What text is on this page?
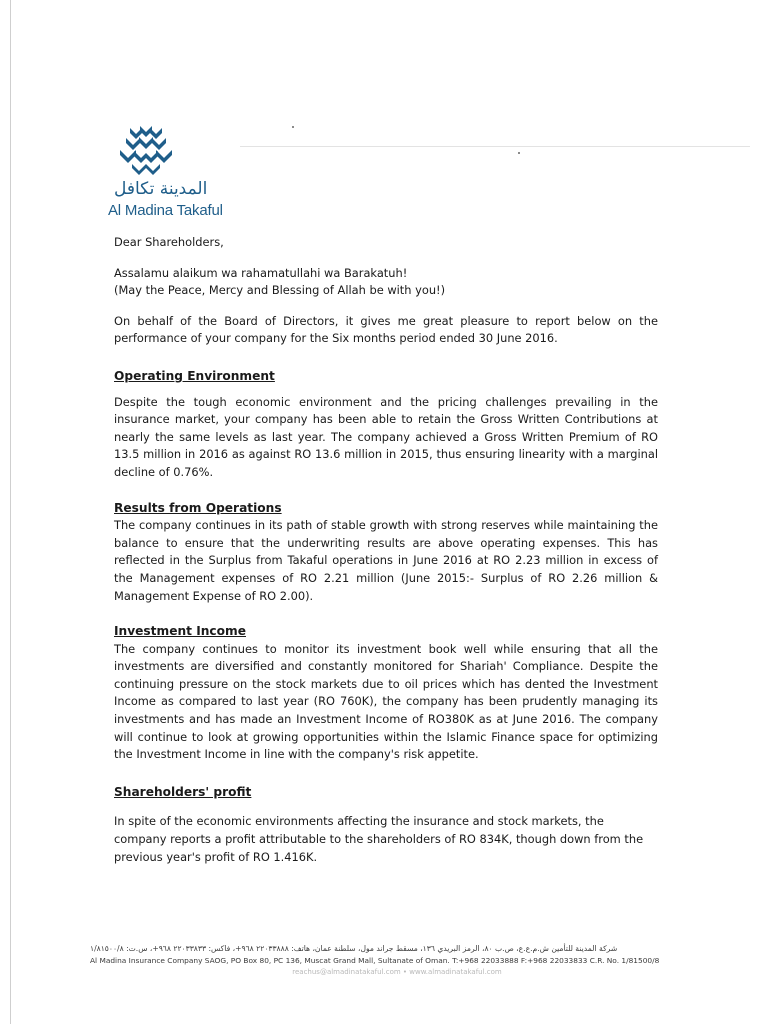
المدينة تكافل
Al Madina Takaful

Dear Shareholders,

Assalamu alaikum wa rahamatullahi wa Barakatuh!

(May the Peace, Mercy and Blessing of Allah be with you!)

On behalf of the Board of Directors, it gives me great pleasure to report below on the performance of your company for the Six months period ended 30 June 2016.

Operating Environment

Despite the tough economic environment and the pricing challenges prevailing in the insurance market, your company has been able to retain the Gross Written Contributions at nearly the same levels as last year. The company achieved a Gross Written Premium of RO 13.5 million in 2016 as against RO 13.6 million in 2015, thus ensuring linearity with a marginal decline of 0.76%.

Results from Operations

The company continues in its path of stable growth with strong reserves while maintaining the balance to ensure that the underwriting results are above operating expenses. This has reflected in the Surplus from Takaful operations in June 2016 at RO 2.23 million in excess of the Management expenses of RO 2.21 million (June 2015:- Surplus of RO 2.26 million & Management Expense of RO 2.00).

Investment Income

The company continues to monitor its investment book well while ensuring that all the investments are diversified and constantly monitored for Shariah' Compliance. Despite the continuing pressure on the stock markets due to oil prices which has dented the Investment Income as compared to last year (RO 760K), the company has been prudently managing its investments and has made an Investment Income of RO380K as at June 2016. The company will continue to look at growing opportunities within the Islamic Finance space for optimizing the Investment Income in line with the company's risk appetite.

Shareholders' profit

In spite of the economic environments affecting the insurance and stock markets, the company reports a profit attributable to the shareholders of RO 834K, though down from the previous year's profit of RO 1.416K.

شركة المدينة للتأمين ش.م.ع.ع، ص.ب ٨٠، الرمز البريدي ١٣٦، مسقط جراند مول، سلطنة عمان، هاتف: ٢٢٠٣٣٨٨٨ ٩٦٨+، فاكس: ٢٢٠٣٣٨٣٣ ٩٦٨+، س.ت: ١/٨١٥٠٠/٨
Al Madina Insurance Company SAOG, PO Box 80, PC 136, Muscat Grand Mall, Sultanate of Oman. T:+968 22033888 F:+968 22033833 C.R. No. 1/81500/8
reachus@almadinatakaful.com • www.almadinatakaful.com
